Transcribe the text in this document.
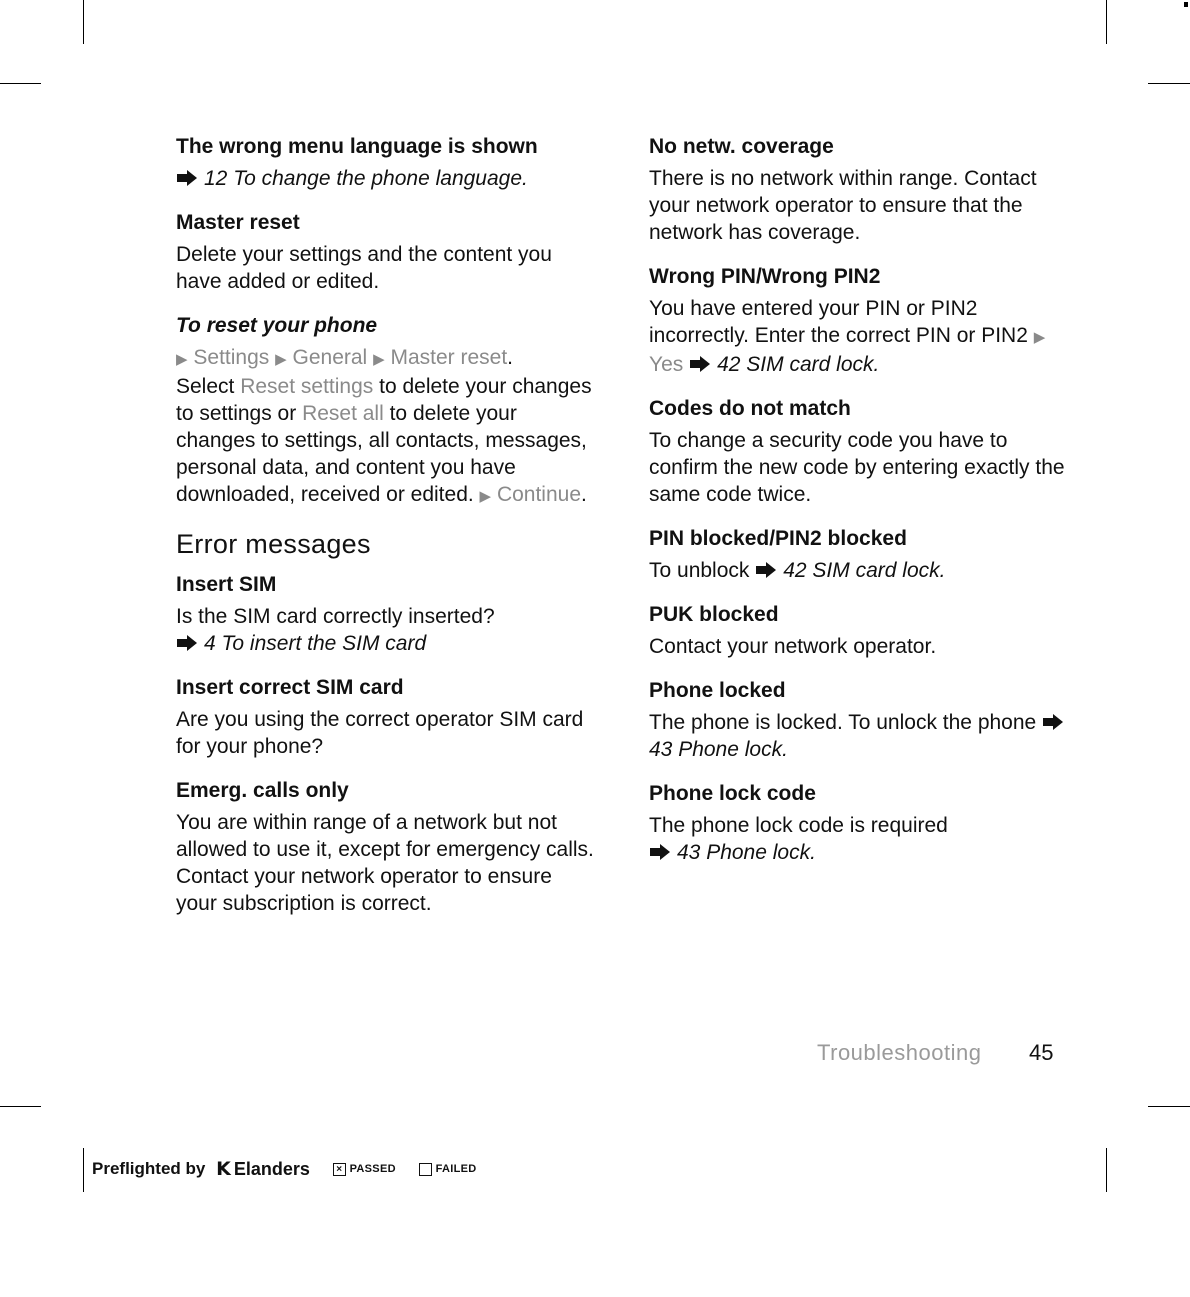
The wrong menu language is shown

12 To change the phone language.

Master reset

Delete your settings and the content you have added or edited.

To reset your phone

▶ Settings ▶ General ▶ Master reset.
Select Reset settings to delete your changes to settings or Reset all to delete your changes to settings, all contacts, messages, personal data, and content you have downloaded, received or edited. ▶ Continue.

Error messages
Insert SIM

Is the SIM card correctly inserted?

4 To insert the SIM card

Insert correct SIM card

Are you using the correct operator SIM card for your phone?

Emerg. calls only

You are within range of a network but not allowed to use it, except for emergency calls. Contact your network operator to ensure your subscription is correct.

No netw. coverage

There is no network within range. Contact your network operator to ensure that the network has coverage.

Wrong PIN/Wrong PIN2

You have entered your PIN or PIN2 incorrectly. Enter the correct PIN or PIN2 ▶ Yes 42 SIM card lock.

Codes do not match

To change a security code you have to confirm the new code by entering exactly the same code twice.

PIN blocked/PIN2 blocked

To unblock 42 SIM card lock.

PUK blocked

Contact your network operator.

Phone locked

The phone is locked. To unlock the phone 43 Phone lock.

Phone lock code

The phone lock code is required

43 Phone lock.

Troubleshooting 45
Preflighted by K Elanders	× PASSED	FAILED
